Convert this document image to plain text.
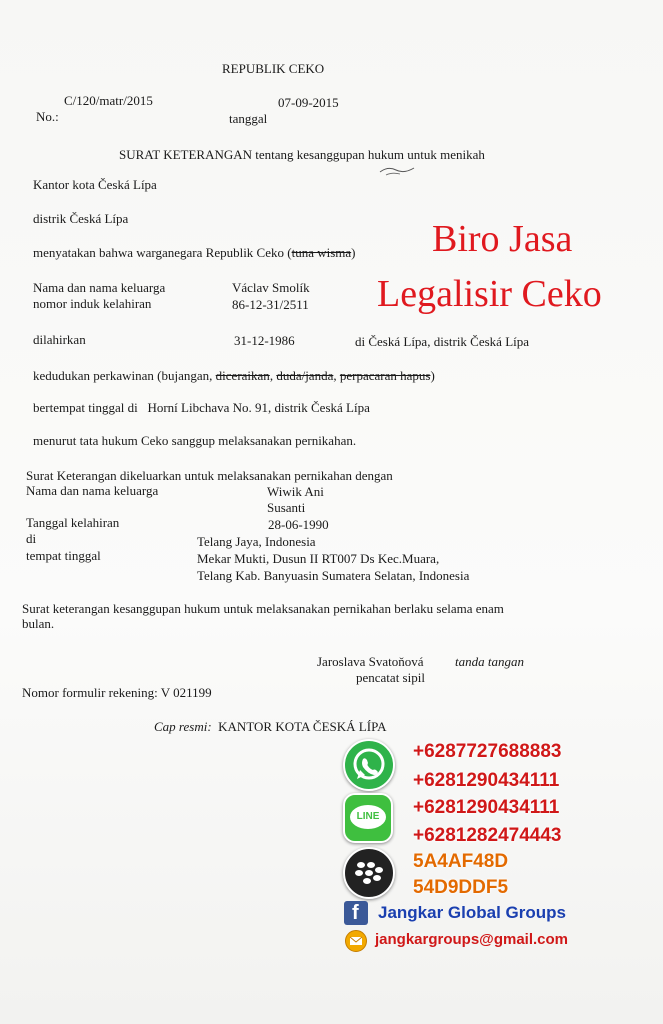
REPUBLIK CEKO
C/120/matr/2015
No.:
07-09-2015
tanggal
SURAT KETERANGAN tentang kesanggupan hukum untuk menikah
Kantor kota Česká Lípa
distrik Česká Lípa
menyatakan bahwa warganegara Republik Ceko (tuna wisma)
Nama dan nama keluarga	Václav Smolík
nomor induk kelahiran	86-12-31/2511
dilahirkan	31-12-1986	di Česká Lípa, distrik Česká Lípa
kedudukan perkawinan (bujangan, diceraikan, duda/janda, perpacaran hapus)
bertempat tinggal di Horní Libchava No. 91, distrik Česká Lípa
menurut tata hukum Ceko sanggup melaksanakan pernikahan.
Surat Keterangan dikeluarkan untuk melaksanakan pernikahan dengan
Nama dan nama keluarga	Wiwik Ani
Susanti
Tanggal kelahiran	28-06-1990
di	Telang Jaya, Indonesia
tempat tinggal	Mekar Mukti, Dusun II RT007 Ds Kec.Muara,
Telang Kab. Banyuasin Sumatera Selatan, Indonesia
Surat keterangan kesanggupan hukum untuk melaksanakan pernikahan berlaku selama enam
bulan.
Jaroslava Svatoňová tanda tangan
pencatat sipil
Nomor formulir rekening: V 021199
Cap resmi: KANTOR KOTA ČESKÁ LÍPA
Biro Jasa
Legalisir Ceko
+6287727688883
+6281290434111
LINE	+6281290434111
+6281282474443
5A4AF48D
54D9DDF5
f Jangkar Global Groups
jangkargroups@gmail.com
